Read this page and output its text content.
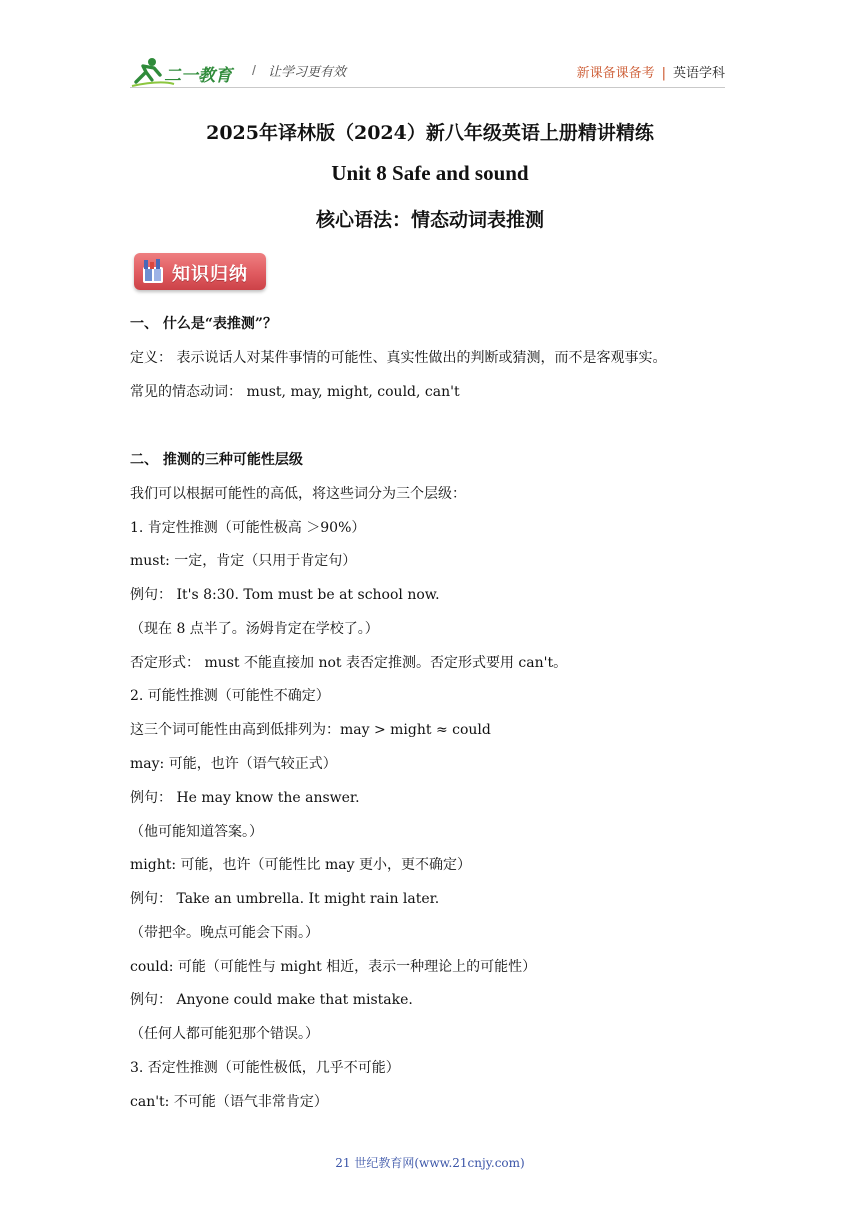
二一教育 / 让学习更有效	新课备课备考 | 英语学科
2025年译林版（2024）新八年级英语上册精讲精练
Unit 8 Safe and sound
核心语法：情态动词表推测
知识归纳
一、 什么是“表推测”？
定义： 表示说话人对某件事情的可能性、真实性做出的判断或猜测，而不是客观事实。
常见的情态动词： must, may, might, could, can't
二、 推测的三种可能性层级
我们可以根据可能性的高低，将这些词分为三个层级：
1. 肯定性推测（可能性极高 ＞90%）
must: 一定，肯定（只用于肯定句）
例句： It's 8:30. Tom must be at school now.
（现在 8 点半了。汤姆肯定在学校了。）
否定形式： must 不能直接加 not 表否定推测。否定形式要用 can't。
2. 可能性推测（可能性不确定）
这三个词可能性由高到低排列为：may > might ≈ could
may: 可能，也许（语气较正式）
例句： He may know the answer.
（他可能知道答案。）
might: 可能，也许（可能性比 may 更小，更不确定）
例句： Take an umbrella. It might rain later.
（带把伞。晚点可能会下雨。）
could: 可能（可能性与 might 相近，表示一种理论上的可能性）
例句： Anyone could make that mistake.
（任何人都可能犯那个错误。）
3. 否定性推测（可能性极低，几乎不可能）
can't: 不可能（语气非常肯定）
21 世纪教育网(www.21cnjy.com)
